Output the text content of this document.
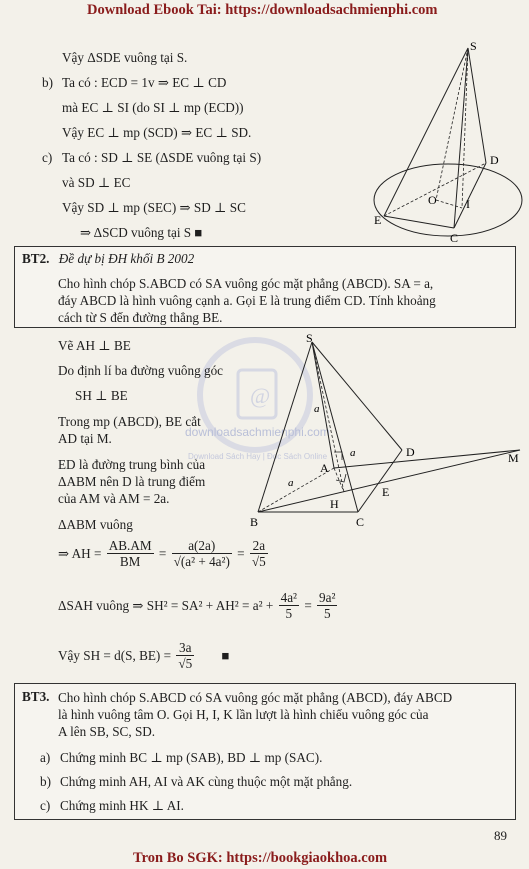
Download Ebook Tai: https://downloadsachmienphi.com
@
downloadsachmienphi.com
Download Sách Hay | Đọc Sách Online
Vậy ΔSDE vuông tại S.
b) Ta có : ECD = 1v ⇒ EC ⊥ CD
mà EC ⊥ SI (do SI ⊥ mp (ECD))
Vậy EC ⊥ mp (SCD) ⇒ EC ⊥ SD.
c) Ta có : SD ⊥ SE (ΔSDE vuông tại S)
và SD ⊥ EC
Vậy SD ⊥ mp (SEC) ⇒ SD ⊥ SC
⇒ ΔSCD vuông tại S ■
S
D
O I
E
C
BT2. Đề dự bị ĐH khối B 2002
Cho hình chóp S.ABCD có SA vuông góc mặt phẳng (ABCD). SA = a,
đáy ABCD là hình vuông cạnh a. Gọi E là trung điểm CD. Tính khoảng
cách từ S đến đường thẳng BE.
Vẽ AH ⊥ BE
Do định lí ba đường vuông góc
SH ⊥ BE
Trong mp (ABCD), BE cắt
AD tại M.
ED là đường trung bình của
ΔABM nên D là trung điểm
của AM và AM = 2a.
ΔABM vuông
⇒ AH = $\frac{AB.AM}{BM} = \frac{a(2a)}{\text{√(a² + 4a²)}} = \frac{2a}{√5}$
ΔSAH vuông ⇒ $SH^2 = SA^2 + AH^2 = a^2 + \frac{\text{4a²}}{5} = \frac{\text{9a²}}{5}$
Vậy SH = d(S, $BE) = \frac{3a}{√5}$ ■
S
a
a
A
a
D	M
H
E
B	C
BT3. Cho hình chóp S.ABCD có SA vuông góc mặt phẳng (ABCD), đáy ABCD
là hình vuông tâm O. Gọi H, I, K lần lượt là hình chiếu vuông góc của
A lên SB, SC, SD.
a) Chứng minh BC ⊥ mp (SAB), BD ⊥ mp (SAC).
b) Chứng minh AH, AI và AK cùng thuộc một mặt phẳng.
c) Chứng minh HK ⊥ AI.
89
Tron Bo SGK: https://bookgiaokhoa.com
